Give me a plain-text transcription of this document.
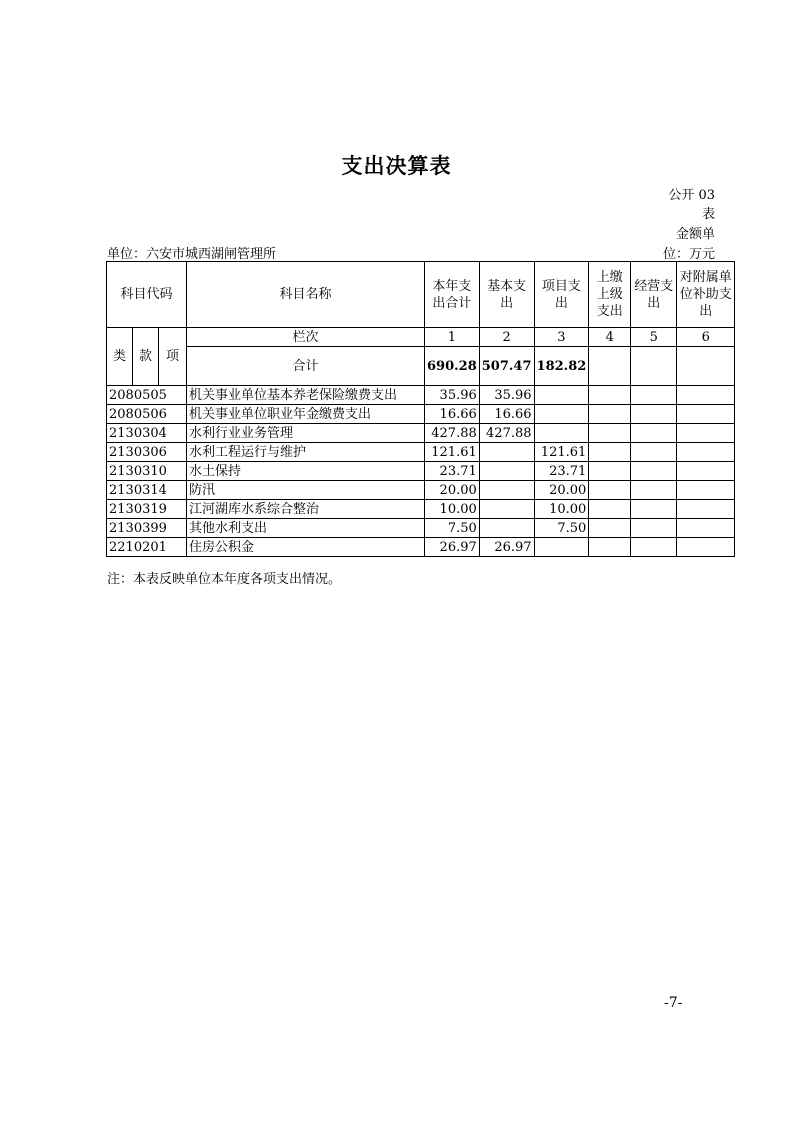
支出决算表
公开 03
表
金额单
位：万元
单位：六安市城西湖闸管理所
科目代码			科目名称	本年支出合计	基本支出	项目支出	上缴上级支出	经营支出	对附属单位补助支出
类	款	项	栏次	1	2	3	4	5	6
			合计	690.28	507.47	182.82			
2080505			机关事业单位基本养老保险缴费支出	35.96	35.96				
2080506			机关事业单位职业年金缴费支出	16.66	16.66				
2130304			水利行业业务管理	427.88	427.88				
2130306			水利工程运行与维护	121.61		121.61			
2130310			水土保持	23.71		23.71			
2130314			防汛	20.00		20.00			
2130319			江河湖库水系综合整治	10.00		10.00			
2130399			其他水利支出	7.50		7.50			
2210201			住房公积金	26.97	26.97				
注：本表反映单位本年度各项支出情况。
-7-
